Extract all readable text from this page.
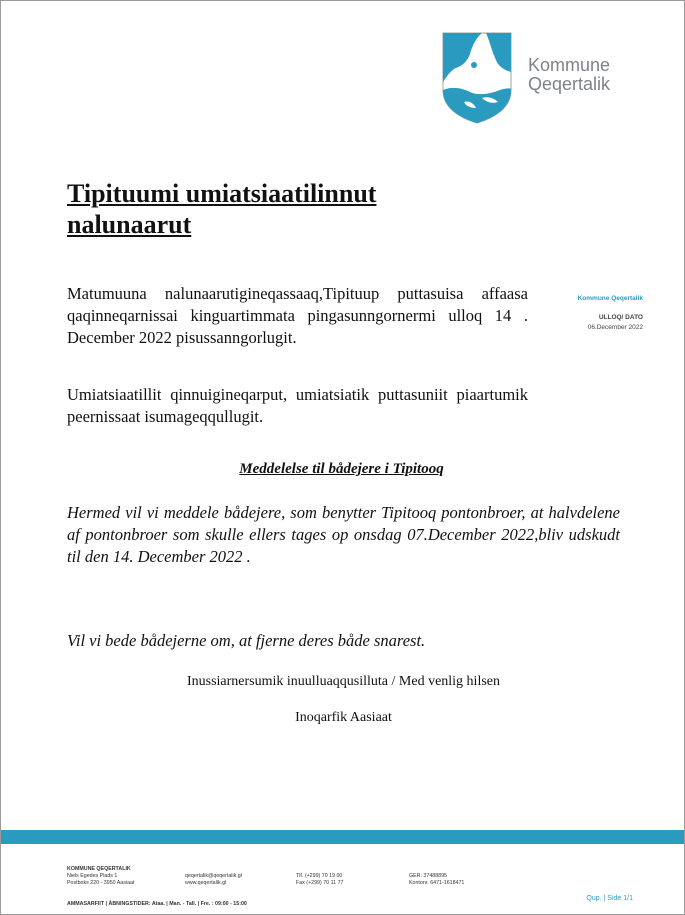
Kommune
Qeqertalik
Tipituumi umiatsiaatilinnut nalunaarut

Matumuuna nalunaarutigineqassaaq,Tipituup puttasuisa affaasa qaqinneqarnissai kinguartimmata pingasunngornermi ulloq 14 . December 2022 pisussanngorlugit.

Umiatsiaatillit qinnuigineqarput, umiatsiatik puttasuniit piaartumik peernissaat isumageqqullugit.

Kommune Qeqertalik
ULLOQ/ DATO
06.December 2022
Meddelelse til bådejere i Tipitooq

Hermed vil vi meddele bådejere, som benytter Tipitooq pontonbroer, at halvdelene af pontonbroer som skulle ellers tages op onsdag 07.December 2022,bliv udskudt til den 14. December 2022 .

Vil vi bede bådejerne om, at fjerne deres både snarest.

Inussiarnersumik inuulluaqqusilluta / Med venlig hilsen

Inoqarfik Aasiaat

KOMMUNE QEQERTALIK
Niels Egedes Plads 1
Postboks 220 - 3950 Aasiaat
qeqertalik@qeqertalik.gl
www.qeqertalik.gl
Tlf. (+299) 70 19 00
Fax (+299) 70 11 77
GER: 37488895
Kontonr. 6471-1618471
AMMASARFIIT | ÅBNINGSTIDER: Ataa. | Man. - Tall. | Fre. : 09:00 - 15:00
Qup. | Side 1/1
